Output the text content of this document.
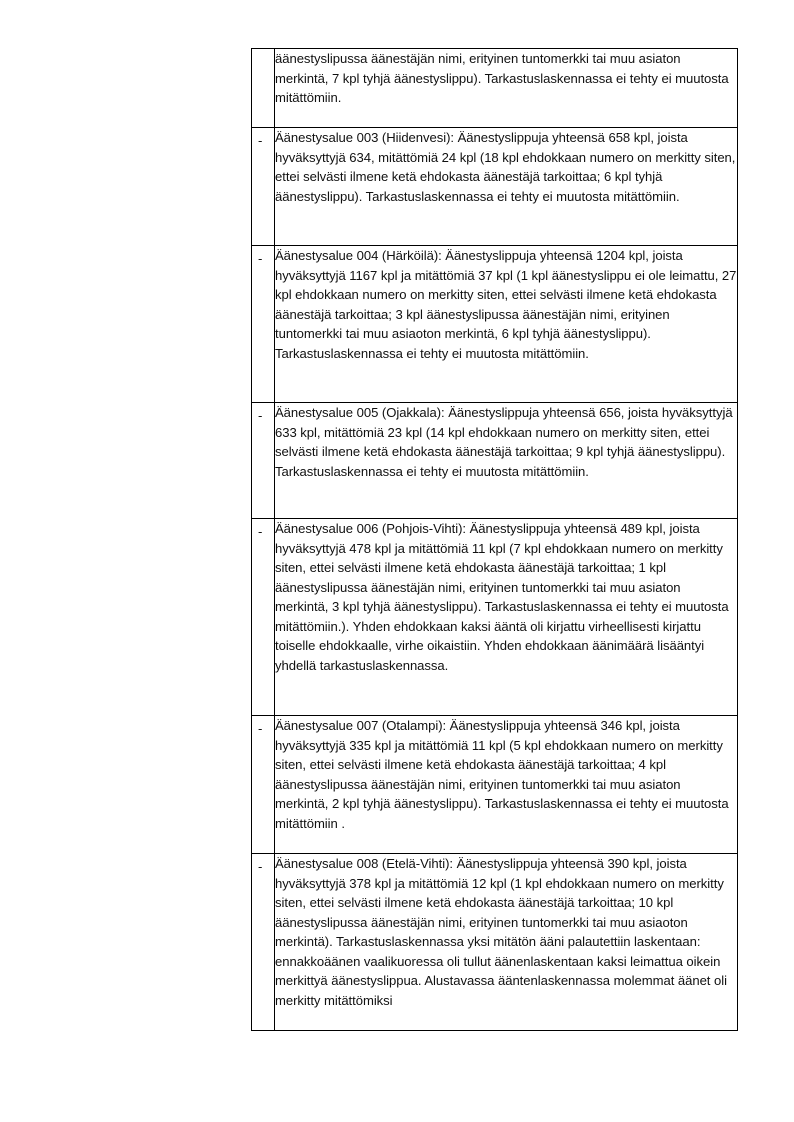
	äänestyslipussa äänestäjän nimi, erityinen tuntomerkki tai muu asiaton merkintä, 7 kpl tyhjä äänestyslippu). Tarkastuslaskennassa ei tehty ei muutosta mitättömiin.

-	Äänestysalue 003 (Hiidenvesi): Äänestyslippuja yhteensä 658 kpl, joista hyväksyttyjä 634, mitättömiä 24 kpl (18 kpl ehdokkaan numero on merkitty siten, ettei selvästi ilmene ketä ehdokasta äänestäjä tarkoittaa; 6 kpl tyhjä äänestyslippu). Tarkastuslaskennassa ei tehty ei muutosta mitättömiin.

-	Äänestysalue 004 (Härköilä): Äänestyslippuja yhteensä 1204 kpl, joista hyväksyttyjä 1167 kpl ja mitättömiä 37 kpl (1 kpl äänestyslippu ei ole leimattu, 27 kpl ehdokkaan numero on merkitty siten, ettei selvästi ilmene ketä ehdokasta äänestäjä tarkoittaa; 3 kpl äänestyslipussa äänestäjän nimi, erityinen tuntomerkki tai muu asiaoton merkintä, 6 kpl tyhjä äänestyslippu). Tarkastuslaskennassa ei tehty ei muutosta mitättömiin.

-	Äänestysalue 005 (Ojakkala): Äänestyslippuja yhteensä 656, joista hyväksyttyjä 633 kpl, mitättömiä 23 kpl (14 kpl ehdokkaan numero on merkitty siten, ettei selvästi ilmene ketä ehdokasta äänestäjä tarkoittaa; 9 kpl tyhjä äänestyslippu). Tarkastuslaskennassa ei tehty ei muutosta mitättömiin.

-	Äänestysalue 006 (Pohjois-Vihti): Äänestyslippuja yhteensä 489 kpl, joista hyväksyttyjä 478 kpl ja mitättömiä 11 kpl (7 kpl ehdokkaan numero on merkitty siten, ettei selvästi ilmene ketä ehdokasta äänestäjä tarkoittaa; 1 kpl äänestyslipussa äänestäjän nimi, erityinen tuntomerkki tai muu asiaton merkintä, 3 kpl tyhjä äänestyslippu). Tarkastuslaskennassa ei tehty ei muutosta mitättömiin.). Yhden ehdokkaan kaksi ääntä oli kirjattu virheellisesti kirjattu toiselle ehdokkaalle, virhe oikaistiin. Yhden ehdokkaan äänimäärä lisääntyi yhdellä tarkastuslaskennassa.

-	Äänestysalue 007 (Otalampi): Äänestyslippuja yhteensä 346 kpl, joista hyväksyttyjä 335 kpl ja mitättömiä 11 kpl (5 kpl ehdokkaan numero on merkitty siten, ettei selvästi ilmene ketä ehdokasta äänestäjä tarkoittaa; 4 kpl äänestyslipussa äänestäjän nimi, erityinen tuntomerkki tai muu asiaton merkintä, 2 kpl tyhjä äänestyslippu). Tarkastuslaskennassa ei tehty ei muutosta mitättömiin .

-	Äänestysalue 008 (Etelä-Vihti): Äänestyslippuja yhteensä 390 kpl, joista hyväksyttyjä 378 kpl ja mitättömiä 12 kpl (1 kpl ehdokkaan numero on merkitty siten, ettei selvästi ilmene ketä ehdokasta äänestäjä tarkoittaa; 10 kpl äänestyslipussa äänestäjän nimi, erityinen tuntomerkki tai muu asiaoton merkintä). Tarkastuslaskennassa yksi mitätön ääni palautettiin laskentaan: ennakkoäänen vaalikuoressa oli tullut äänenlaskentaan kaksi leimattua oikein merkittyä äänestyslippua. Alustavassa ääntenlaskennassa molemmat äänet oli merkitty mitättömiksi
